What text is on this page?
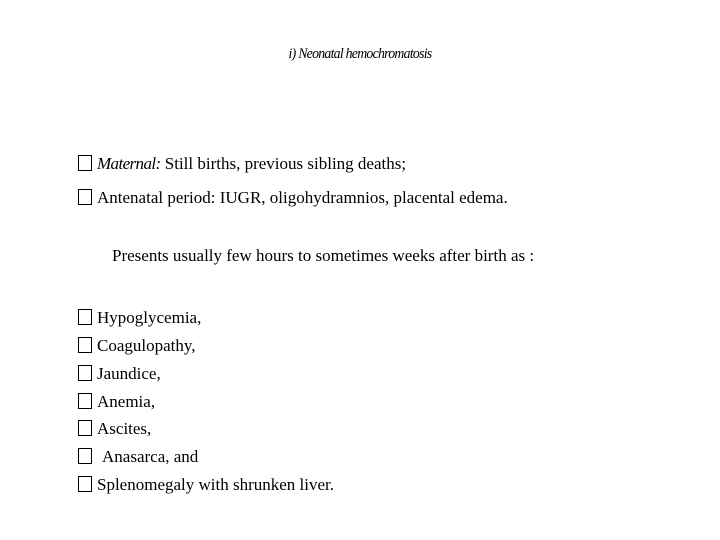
i) Neonatal hemochromatosis
Maternal: Still births, previous sibling deaths;
Antenatal period: IUGR, oligohydramnios, placental edema.
Presents usually few hours to sometimes weeks after birth as :
Hypoglycemia,
Coagulopathy,
Jaundice,
Anemia,
Ascites,
Anasarca, and
Splenomegaly with shrunken liver.
